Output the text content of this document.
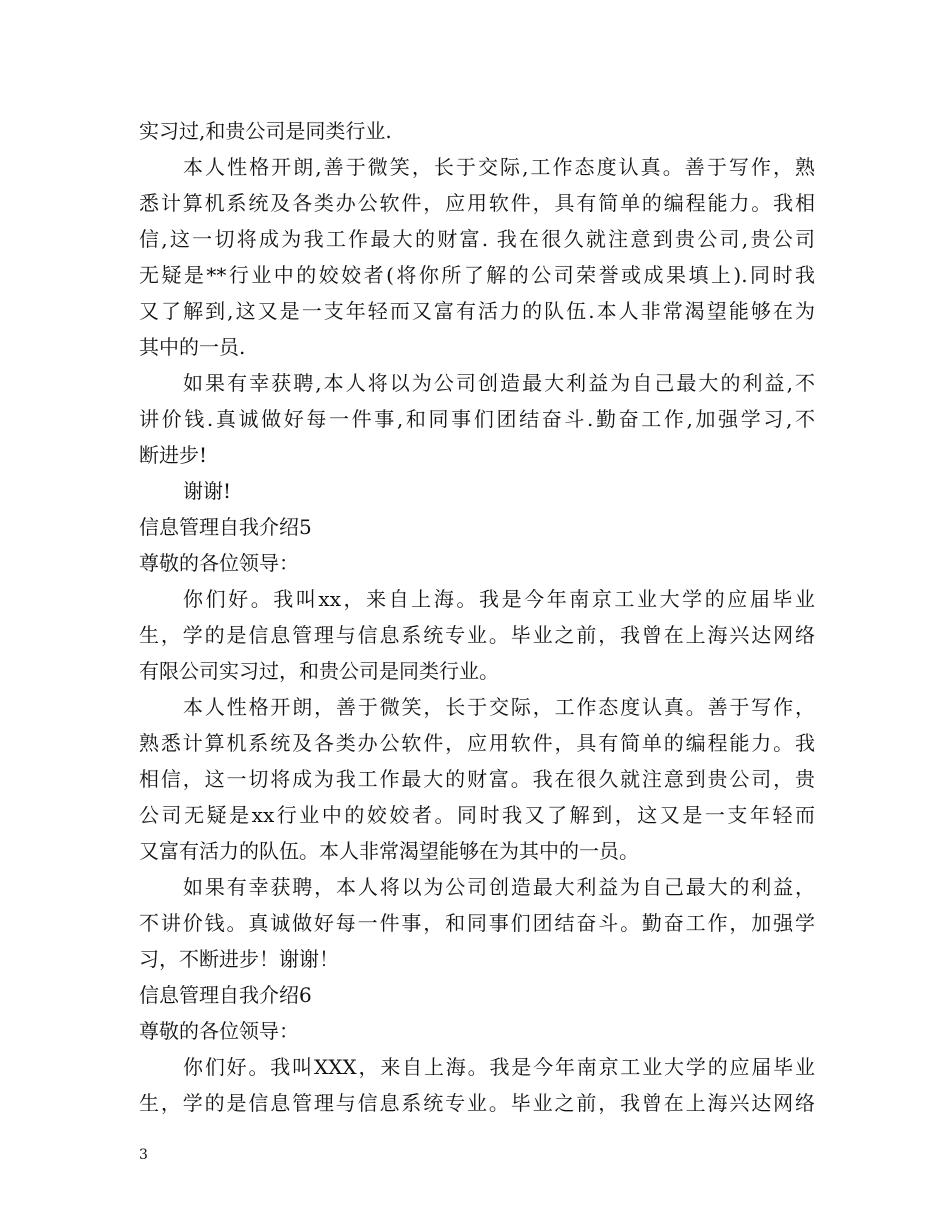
实习过,和贵公司是同类行业.
本人性格开朗,善于微笑，长于交际,工作态度认真。善于写作，熟
悉计算机系统及各类办公软件，应用软件，具有简单的编程能力。我相
信,这一切将成为我工作最大的财富. 我在很久就注意到贵公司,贵公司
无疑是**行业中的姣姣者(将你所了解的公司荣誉或成果填上).同时我
又了解到,这又是一支年轻而又富有活力的队伍.本人非常渴望能够在为
其中的一员.
如果有幸获聘,本人将以为公司创造最大利益为自己最大的利益,不
讲价钱.真诚做好每一件事,和同事们团结奋斗.勤奋工作,加强学习,不
断进步!
谢谢!
信息管理自我介绍5
尊敬的各位领导：
你们好。我叫xx，来自上海。我是今年南京工业大学的应届毕业
生，学的是信息管理与信息系统专业。毕业之前，我曾在上海兴达网络
有限公司实习过，和贵公司是同类行业。
本人性格开朗，善于微笑，长于交际，工作态度认真。善于写作，
熟悉计算机系统及各类办公软件，应用软件，具有简单的编程能力。我
相信，这一切将成为我工作最大的财富。我在很久就注意到贵公司，贵
公司无疑是xx行业中的姣姣者。同时我又了解到，这又是一支年轻而
又富有活力的队伍。本人非常渴望能够在为其中的一员。
如果有幸获聘，本人将以为公司创造最大利益为自己最大的利益，
不讲价钱。真诚做好每一件事，和同事们团结奋斗。勤奋工作，加强学
习，不断进步！谢谢！
信息管理自我介绍6
尊敬的各位领导：
你们好。我叫XXX，来自上海。我是今年南京工业大学的应届毕业
生，学的是信息管理与信息系统专业。毕业之前，我曾在上海兴达网络
3
